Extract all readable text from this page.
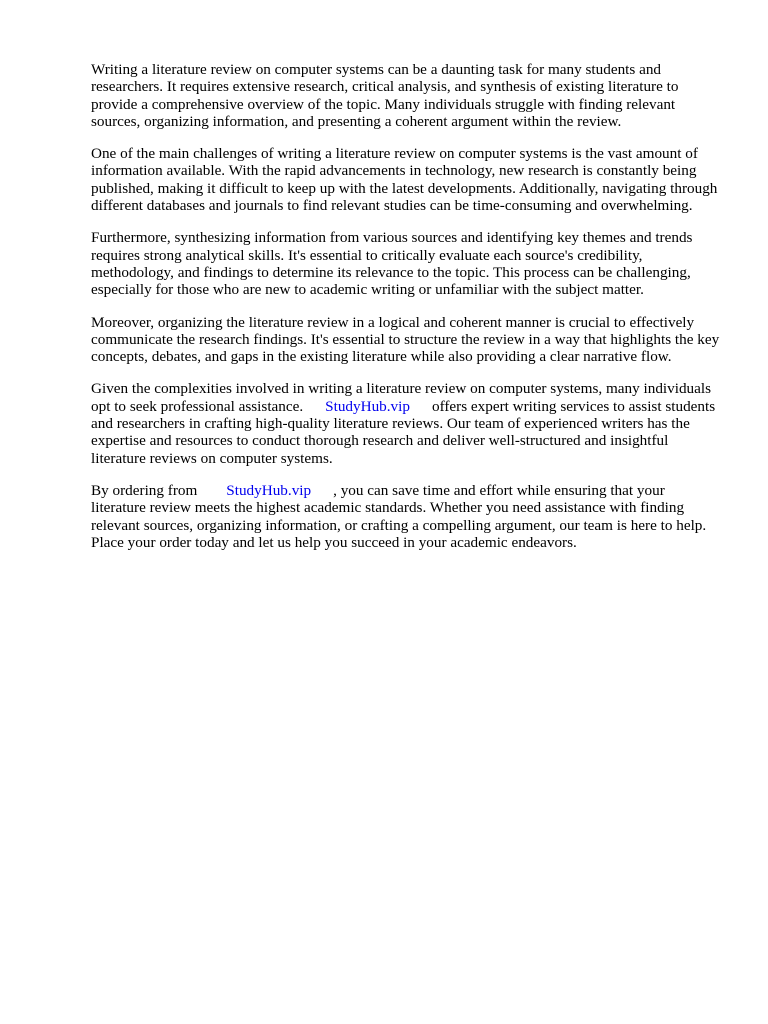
Writing a literature review on computer systems can be a daunting task for many students and researchers. It requires extensive research, critical analysis, and synthesis of existing literature to provide a comprehensive overview of the topic. Many individuals struggle with finding relevant sources, organizing information, and presenting a coherent argument within the review.

One of the main challenges of writing a literature review on computer systems is the vast amount of information available. With the rapid advancements in technology, new research is constantly being published, making it difficult to keep up with the latest developments. Additionally, navigating through different databases and journals to find relevant studies can be time-consuming and overwhelming.

Furthermore, synthesizing information from various sources and identifying key themes and trends requires strong analytical skills. It's essential to critically evaluate each source's credibility, methodology, and findings to determine its relevance to the topic. This process can be challenging, especially for those who are new to academic writing or unfamiliar with the subject matter.

Moreover, organizing the literature review in a logical and coherent manner is crucial to effectively communicate the research findings. It's essential to structure the review in a way that highlights the key concepts, debates, and gaps in the existing literature while also providing a clear narrative flow.

Given the complexities involved in writing a literature review on computer systems, many individuals opt to seek professional assistance. StudyHub.vip offers expert writing services to assist students and researchers in crafting high-quality literature reviews. Our team of experienced writers has the expertise and resources to conduct thorough research and deliver well-structured and insightful literature reviews on computer systems.

By ordering from StudyHub.vip , you can save time and effort while ensuring that your literature review meets the highest academic standards. Whether you need assistance with finding relevant sources, organizing information, or crafting a compelling argument, our team is here to help. Place your order today and let us help you succeed in your academic endeavors.
